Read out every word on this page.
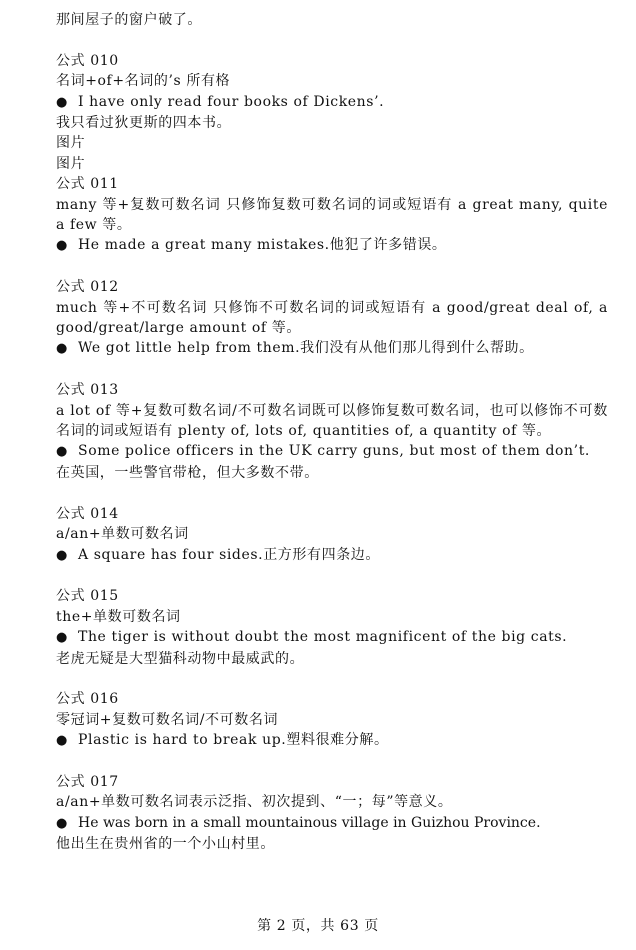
那间屋子的窗户破了。
公式 010
名词+of+名词的’s 所有格
● I have only read four books of Dickens’.
我只看过狄更斯的四本书。
图片
图片
公式 011
many 等+复数可数名词 只修饰复数可数名词的词或短语有 a great many, quite a few 等。
● He made a great many mistakes.他犯了许多错误。
公式 012
much 等+不可数名词 只修饰不可数名词的词或短语有 a good/great deal of, a good/great/large amount of 等。
● We got little help from them.我们没有从他们那儿得到什么帮助。
公式 013
a lot of 等+复数可数名词/不可数名词既可以修饰复数可数名词，也可以修饰不可数名词的词或短语有 plenty of, lots of, quantities of, a quantity of 等。
● Some police officers in the UK carry guns, but most of them don’t.
在英国，一些警官带枪，但大多数不带。
公式 014
a/an+单数可数名词
● A square has four sides.正方形有四条边。
公式 015
the+单数可数名词
● The tiger is without doubt the most magnificent of the big cats.
老虎无疑是大型猫科动物中最威武的。
公式 016
零冠词+复数可数名词/不可数名词
● Plastic is hard to break up.塑料很难分解。
公式 017
a/an+单数可数名词表示泛指、初次提到、“一；每”等意义。
● He was born in a small mountainous village in Guizhou Province.
他出生在贵州省的一个小山村里。
第 2 页，共 63 页
